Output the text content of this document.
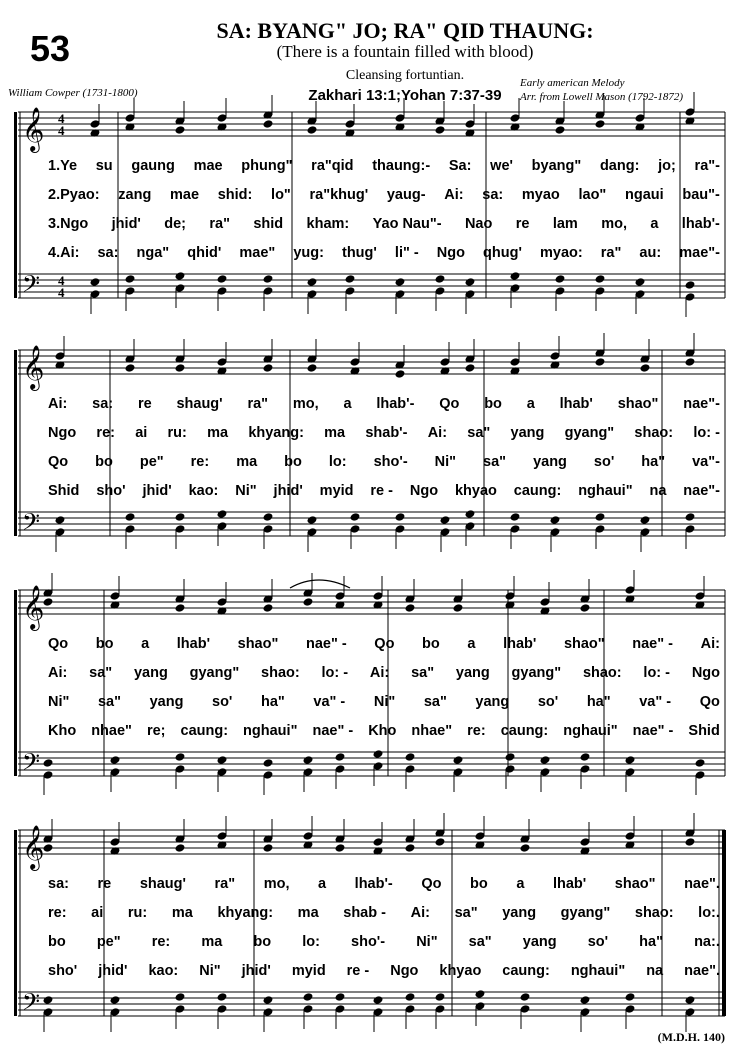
53	SA: BYANG" JO; RA" QID THAUNG:
(There is a fountain filled with blood)
Cleansing fortuntian.
Zakhari 13:1;Yohan 7:37-39
William Cowper (1731-1800)
Early american Melody
Arr. from Lowell Mason (1792-1872)
𝄞
𝄢
4
4
4
4
𝄞
𝄢
𝄞
𝄢
𝄞
𝄢
1.Ye su gaung mae phung" ra"qid thaung:- Sa: we' byang" dang: jo; ra"-
2.Pyao: zang mae shid: lo" ra"khug' yaug- Ai: sa: myao lao" ngaui bau"-
3.Ngo jhid' de; ra" shid kham: Yao Nau"- Nao re lam mo, a lhab'-
4.Ai: sa: nga" qhid' mae" yug: thug' li" - Ngo qhug' myao: ra" au: mae"-
Ai: sa: re shaug' ra" mo, a lhab'- Qo bo a lhab' shao" nae"-
Ngo re: ai ru: ma khyang: ma shab'- Ai: sa" yang gyang" shao: lo: -
Qo bo pe" re: ma bo lo: sho'- Ni" sa" yang so' ha" va"-
Shid sho' jhid' kao: Ni" jhid' myid re - Ngo khyao caung: nghaui" na nae"-
Qo bo a lhab' shao" nae" - Qo bo a lhab' shao" nae" - Ai:
Ai: sa" yang gyang" shao: lo: - Ai: sa" yang gyang" shao: lo: - Ngo
Ni" sa" yang so' ha" va" - Ni" sa" yang so' ha" va" - Qo
Kho nhae" re; caung: nghaui" nae" - Kho nhae" re: caung: nghaui" nae" - Shid
sa: re shaug' ra" mo, a lhab'- Qo bo a lhab' shao" nae".
re: ai ru: ma khyang: ma shab - Ai: sa" yang gyang" shao: lo:.
bo pe" re: ma bo lo: sho'- Ni" sa" yang so' ha" na:.
sho' jhid' kao: Ni" jhid' myid re - Ngo khyao caung: nghaui" na nae".
(M.D.H. 140)
